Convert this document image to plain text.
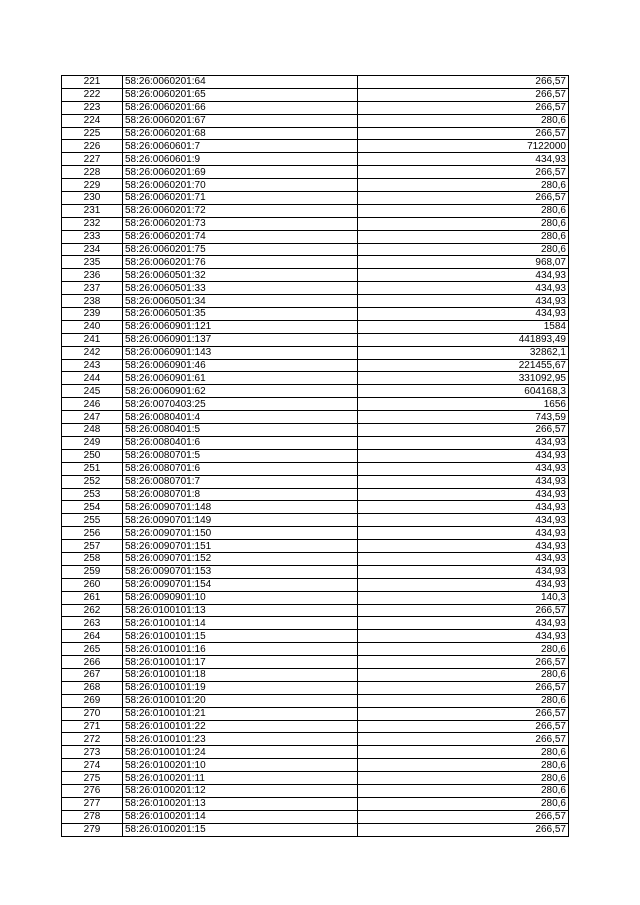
221	58:26:0060201:64	266,57
222	58:26:0060201:65	266,57
223	58:26:0060201:66	266,57
224	58:26:0060201:67	280,6
225	58:26:0060201:68	266,57
226	58:26:0060601:7	7122000
227	58:26:0060601:9	434,93
228	58:26:0060201:69	266,57
229	58:26:0060201:70	280,6
230	58:26:0060201:71	266,57
231	58:26:0060201:72	280,6
232	58:26:0060201:73	280,6
233	58:26:0060201:74	280,6
234	58:26:0060201:75	280,6
235	58:26:0060201:76	968,07
236	58:26:0060501:32	434,93
237	58:26:0060501:33	434,93
238	58:26:0060501:34	434,93
239	58:26:0060501:35	434,93
240	58:26:0060901:121	1584
241	58:26:0060901:137	441893,49
242	58:26:0060901:143	32862,1
243	58:26:0060901:46	221455,67
244	58:26:0060901:61	331092,95
245	58:26:0060901:62	604168,3
246	58:26:0070403:25	1656
247	58:26:0080401:4	743,59
248	58:26:0080401:5	266,57
249	58:26:0080401:6	434,93
250	58:26:0080701:5	434,93
251	58:26:0080701:6	434,93
252	58:26:0080701:7	434,93
253	58:26:0080701:8	434,93
254	58:26:0090701:148	434,93
255	58:26:0090701:149	434,93
256	58:26:0090701:150	434,93
257	58:26:0090701:151	434,93
258	58:26:0090701:152	434,93
259	58:26:0090701:153	434,93
260	58:26:0090701:154	434,93
261	58:26:0090901:10	140,3
262	58:26:0100101:13	266,57
263	58:26:0100101:14	434,93
264	58:26:0100101:15	434,93
265	58:26:0100101:16	280,6
266	58:26:0100101:17	266,57
267	58:26:0100101:18	280,6
268	58:26:0100101:19	266,57
269	58:26:0100101:20	280,6
270	58:26:0100101:21	266,57
271	58:26:0100101:22	266,57
272	58:26:0100101:23	266,57
273	58:26:0100101:24	280,6
274	58:26:0100201:10	280,6
275	58:26:0100201:11	280,6
276	58:26:0100201:12	280,6
277	58:26:0100201:13	280,6
278	58:26:0100201:14	266,57
279	58:26:0100201:15	266,57
